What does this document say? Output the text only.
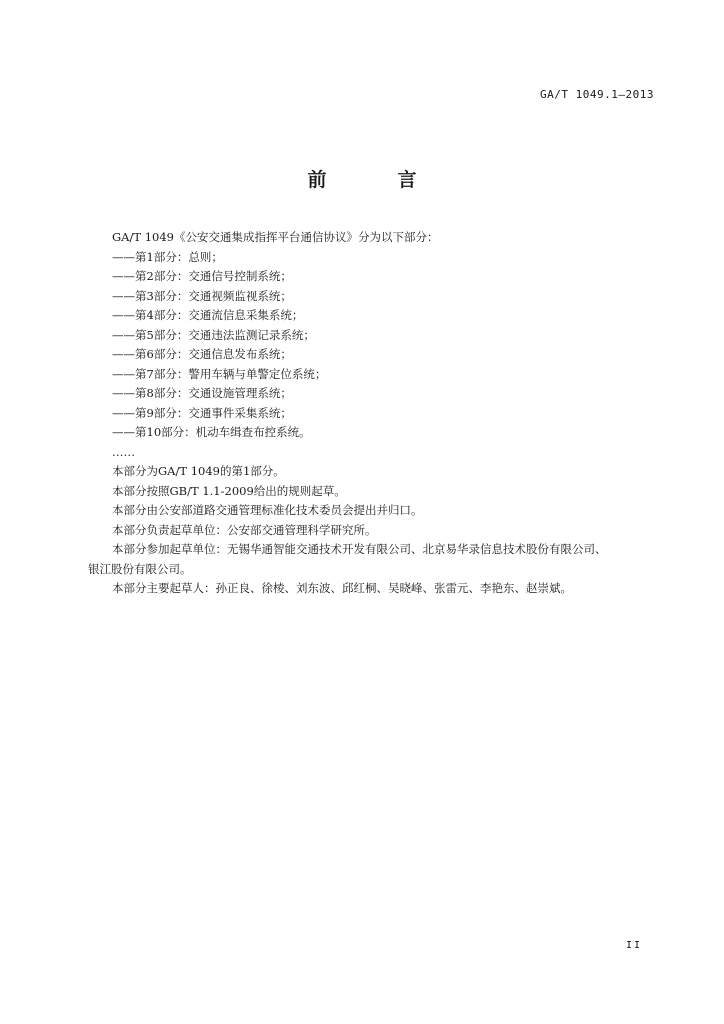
GA/T 1049.1—2013
前　言

GA/T 1049《公安交通集成指挥平台通信协议》分为以下部分：

——第1部分：总则；

——第2部分：交通信号控制系统；

——第3部分：交通视频监视系统；

——第4部分：交通流信息采集系统；

——第5部分：交通违法监测记录系统；

——第6部分：交通信息发布系统；

——第7部分：警用车辆与单警定位系统；

——第8部分：交通设施管理系统；

——第9部分：交通事件采集系统；

——第10部分：机动车缉查布控系统。

……

本部分为GA/T 1049的第1部分。

本部分按照GB/T 1.1-2009给出的规则起草。

本部分由公安部道路交通管理标准化技术委员会提出并归口。

本部分负责起草单位：公安部交通管理科学研究所。

本部分参加起草单位：无锡华通智能交通技术开发有限公司、北京易华录信息技术股份有限公司、
银江股份有限公司。

本部分主要起草人：孙正良、徐棱、刘东波、邱红桐、吴晓峰、张雷元、李艳东、赵崇斌。

II
